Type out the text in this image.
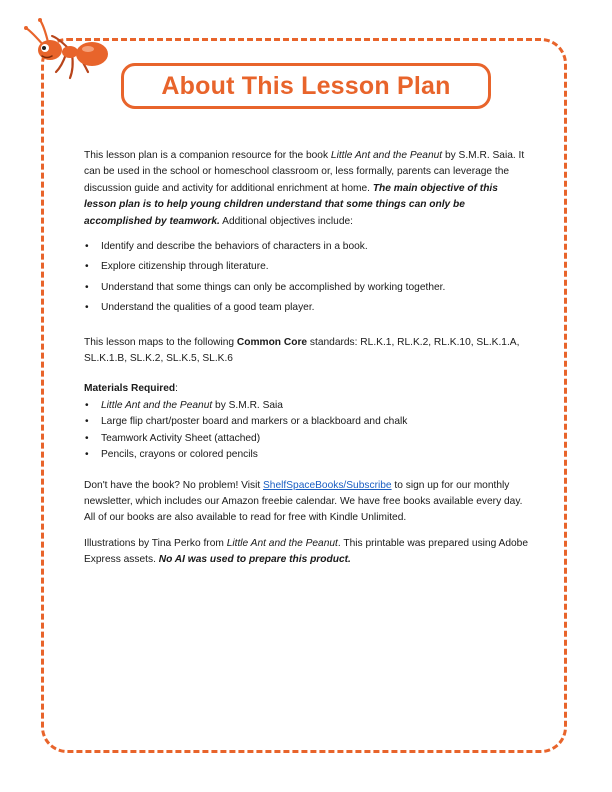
About This Lesson Plan

This lesson plan is a companion resource for the book Little Ant and the Peanut by S.M.R. Saia. It can be used in the school or homeschool classroom or, less formally, parents can leverage the discussion guide and activity for additional enrichment at home. The main objective of this lesson plan is to help young children understand that some things can only be accomplished by teamwork. Additional objectives include:

• Identify and describe the behaviors of characters in a book.
• Explore citizenship through literature.
• Understand that some things can only be accomplished by working together.
• Understand the qualities of a good team player.

This lesson maps to the following Common Core standards: RL.K.1, RL.K.2, RL.K.10, SL.K.1.A, SL.K.1.B, SL.K.2, SL.K.5, SL.K.6

Materials Required:

• Little Ant and the Peanut by S.M.R. Saia
• Large flip chart/poster board and markers or a blackboard and chalk
• Teamwork Activity Sheet (attached)
• Pencils, crayons or colored pencils

Don't have the book? No problem! Visit ShelfSpaceBooks/Subscribe to sign up for our monthly newsletter, which includes our Amazon freebie calendar. We have free books available every day. All of our books are also available to read for free with Kindle Unlimited.

Illustrations by Tina Perko from Little Ant and the Peanut. This printable was prepared using Adobe Express assets. No AI was used to prepare this product.
